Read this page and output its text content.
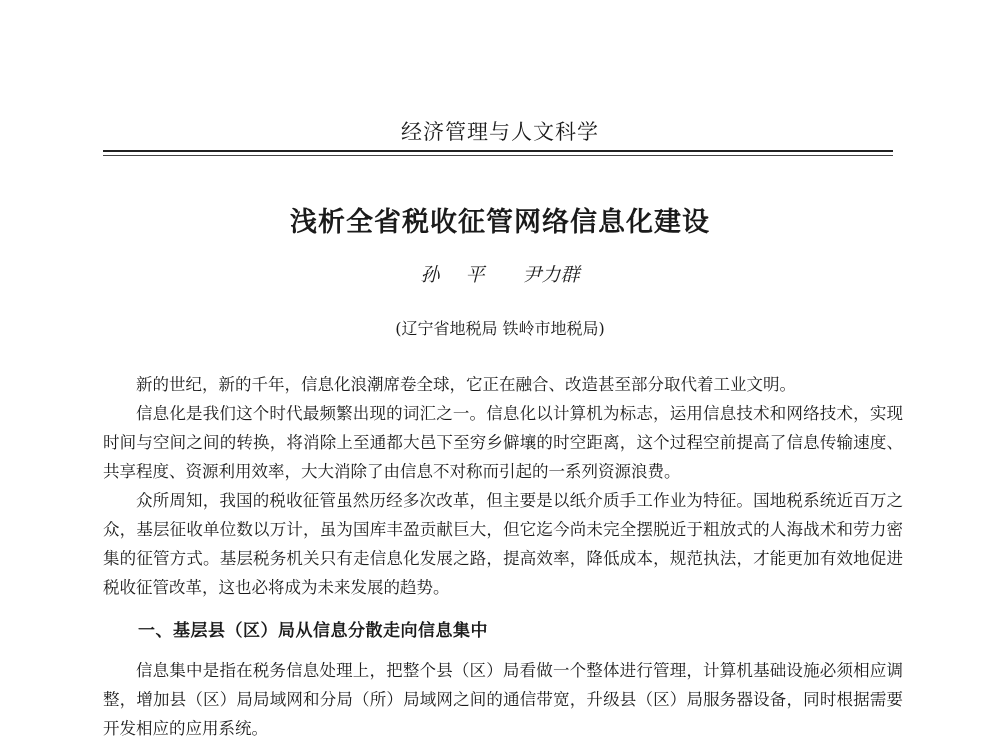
经济管理与人文科学
浅析全省税收征管网络信息化建设
孙 平 尹力群
(辽宁省地税局 铁岭市地税局)

新的世纪，新的千年，信息化浪潮席卷全球，它正在融合、改造甚至部分取代着工业文明。

信息化是我们这个时代最频繁出现的词汇之一。信息化以计算机为标志，运用信息技术和网络技术，实现时间与空间之间的转换，将消除上至通都大邑下至穷乡僻壤的时空距离，这个过程空前提高了信息传输速度、共享程度、资源利用效率，大大消除了由信息不对称而引起的一系列资源浪费。

众所周知，我国的税收征管虽然历经多次改革，但主要是以纸介质手工作业为特征。国地税系统近百万之众，基层征收单位数以万计，虽为国库丰盈贡献巨大，但它迄今尚未完全摆脱近于粗放式的人海战术和劳力密集的征管方式。基层税务机关只有走信息化发展之路，提高效率，降低成本，规范执法，才能更加有效地促进税收征管改革，这也必将成为未来发展的趋势。

一、基层县（区）局从信息分散走向信息集中

信息集中是指在税务信息处理上，把整个县（区）局看做一个整体进行管理，计算机基础设施必须相应调整，增加县（区）局局域网和分局（所）局域网之间的通信带宽，升级县（区）局服务器设备，同时根据需要开发相应的应用系统。
